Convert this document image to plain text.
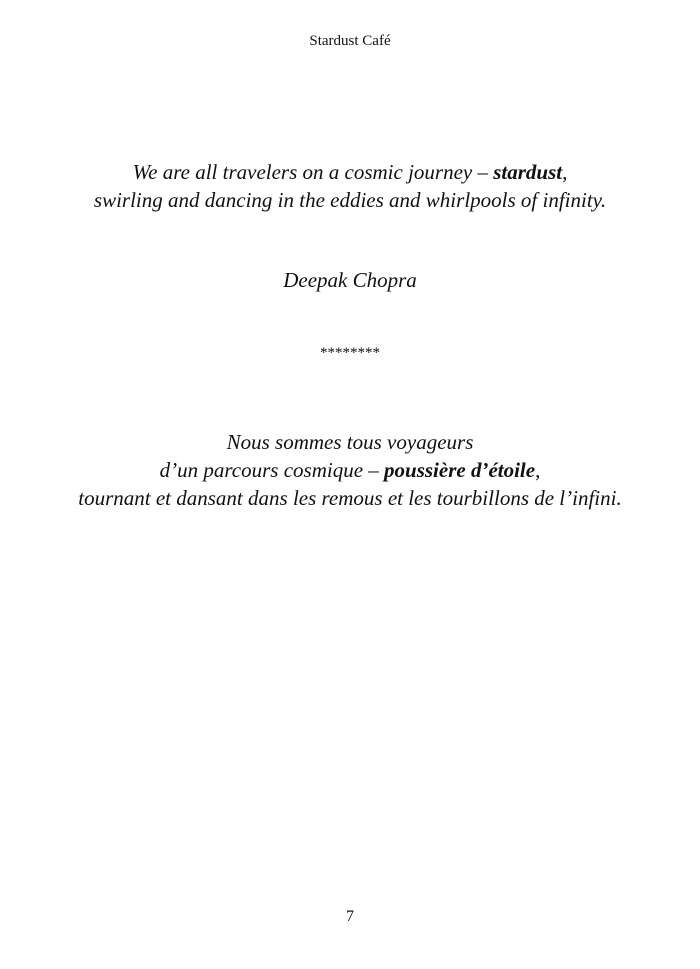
Stardust Café
We are all travelers on a cosmic journey – stardust,
swirling and dancing in the eddies and whirlpools of infinity.
Deepak Chopra
********
Nous sommes tous voyageurs
d’un parcours cosmique – poussière d’étoile,
tournant et dansant dans les remous et les tourbillons de l’infini.
7
